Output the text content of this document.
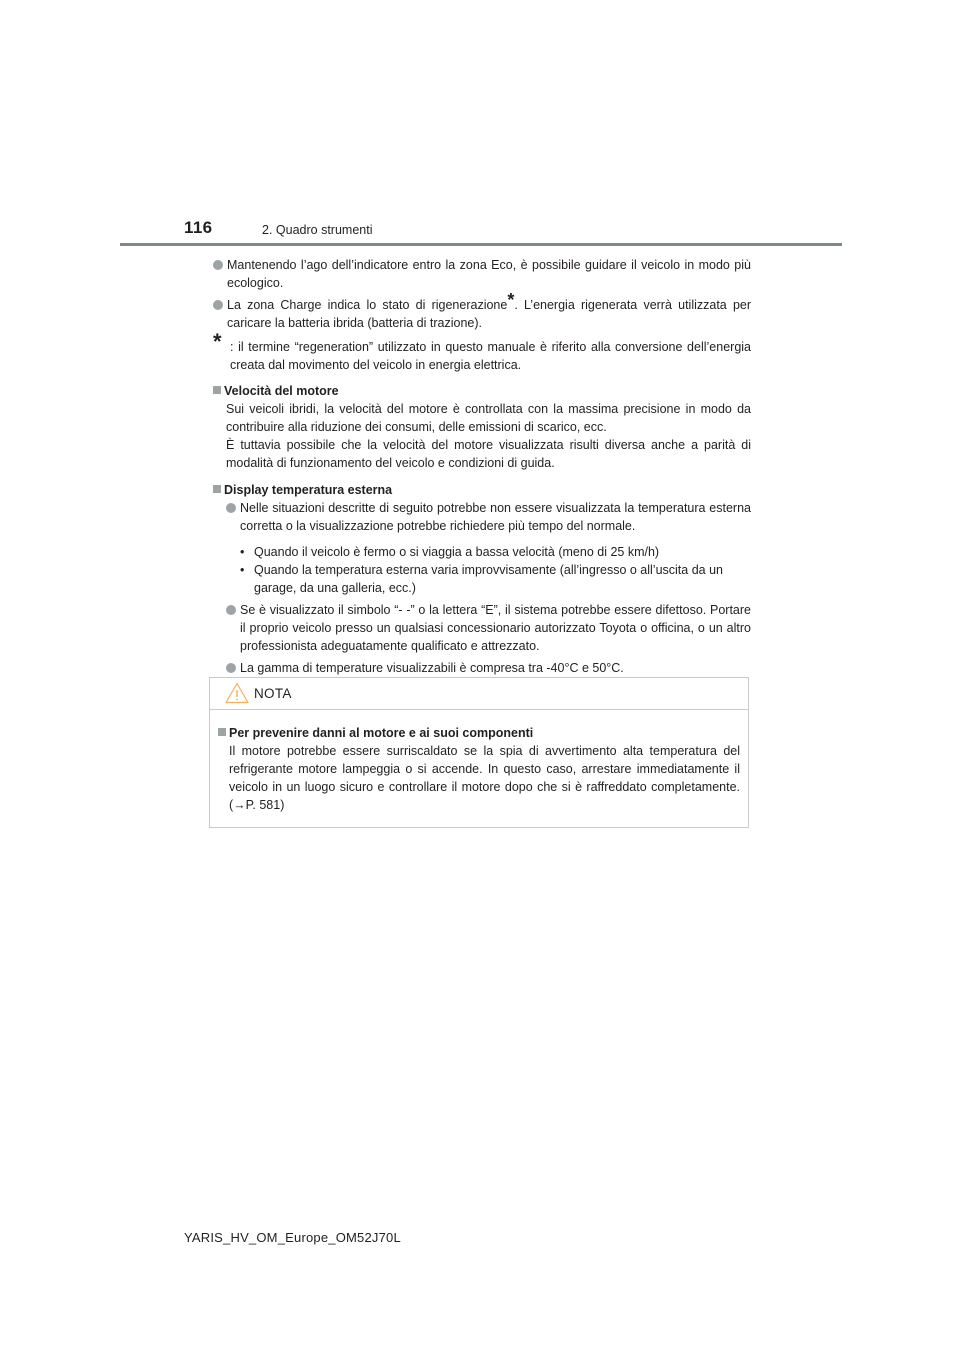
116	2. Quadro strumenti
Mantenendo l’ago dell’indicatore entro la zona Eco, è possibile guidare il veicolo in modo più ecologico.
La zona Charge indica lo stato di rigenerazione*. L’energia rigenerata verrà utilizzata per caricare la batteria ibrida (batteria di trazione).
* : il termine “regeneration” utilizzato in questo manuale è riferito alla conversione dell’energia creata dal movimento del veicolo in energia elettrica.
Velocità del motore
Sui veicoli ibridi, la velocità del motore è controllata con la massima precisione in modo da contribuire alla riduzione dei consumi, delle emissioni di scarico, ecc.
È tuttavia possibile che la velocità del motore visualizzata risulti diversa anche a parità di modalità di funzionamento del veicolo e condizioni di guida.
Display temperatura esterna
Nelle situazioni descritte di seguito potrebbe non essere visualizzata la temperatura esterna corretta o la visualizzazione potrebbe richiedere più tempo del normale.
• Quando il veicolo è fermo o si viaggia a bassa velocità (meno di 25 km/h)
• Quando la temperatura esterna varia improvvisamente (all’ingresso o all’uscita da un garage, da una galleria, ecc.)
Se è visualizzato il simbolo “- -” o la lettera “E”, il sistema potrebbe essere difettoso. Portare il proprio veicolo presso un qualsiasi concessionario autorizzato Toyota o officina, o un altro professionista adeguatamente qualificato e attrezzato.
La gamma di temperature visualizzabili è compresa tra -40°C e 50°C.
NOTA
Per prevenire danni al motore e ai suoi componenti
Il motore potrebbe essere surriscaldato se la spia di avvertimento alta temperatura del refrigerante motore lampeggia o si accende. In questo caso, arrestare immediatamente il veicolo in un luogo sicuro e controllare il motore dopo che si è raffreddato completamente. (→P. 581)
YARIS_HV_OM_Europe_OM52J70L
